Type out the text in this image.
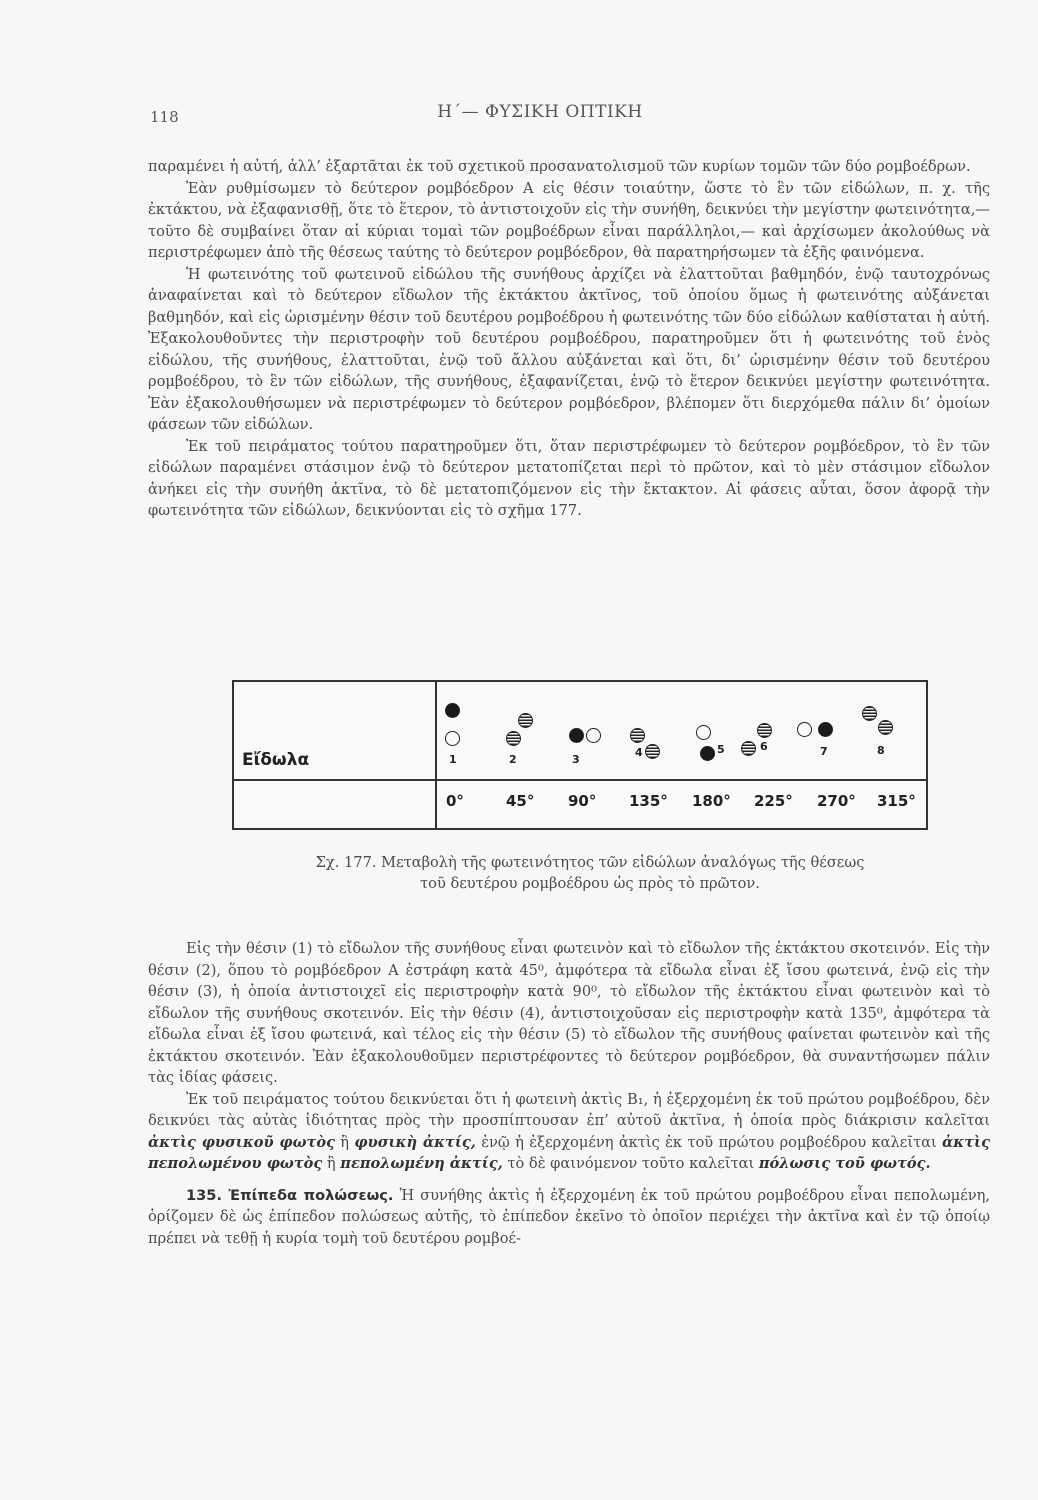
118	Η΄— ΦΥΣΙΚΗ ΟΠΤΙΚΗ

παραμένει ἡ αὐτή, ἀλλ’ ἐξαρτᾶται ἐκ τοῦ σχετικοῦ προσανατολισμοῦ τῶν κυρίων τομῶν τῶν δύο ρομβοέδρων.

Ἐὰν ρυθμίσωμεν τὸ δεύτερον ρομβόεδρον Α εἰς θέσιν τοιαύτην, ὥστε τὸ ἓν τῶν εἰδώλων, π. χ. τῆς ἐκτάκτου, νὰ ἐξαφανισθῇ, ὅτε τὸ ἕτερον, τὸ ἀντιστοιχοῦν εἰς τὴν συνήθη, δεικνύει τὴν μεγίστην φωτεινότητα,— τοῦτο δὲ συμβαίνει ὅταν αἱ κύριαι τομαὶ τῶν ρομβοέδρων εἶναι παράλληλοι,— καὶ ἀρχίσωμεν ἀκολούθως νὰ περιστρέφωμεν ἀπὸ τῆς θέσεως ταύτης τὸ δεύτερον ρομβόεδρον, θὰ παρατηρήσωμεν τὰ ἑξῆς φαινόμενα.

Ἡ φωτεινότης τοῦ φωτεινοῦ εἰδώλου τῆς συνήθους ἀρχίζει νὰ ἐλαττοῦται βαθμηδόν, ἐνῷ ταυτοχρόνως ἀναφαίνεται καὶ τὸ δεύτερον εἴδωλον τῆς ἐκτάκτου ἀκτῖνος, τοῦ ὁποίου ὅμως ἡ φωτεινότης αὐξάνεται βαθμηδόν, καὶ εἰς ὡρισμένην θέσιν τοῦ δευτέρου ρομβοέδρου ἡ φωτεινότης τῶν δύο εἰδώλων καθίσταται ἡ αὐτή. Ἐξακολουθοῦντες τὴν περιστροφὴν τοῦ δευτέρου ρομβοέδρου, παρατηροῦμεν ὅτι ἡ φωτεινότης τοῦ ἑνὸς εἰδώλου, τῆς συνήθους, ἐλαττοῦται, ἐνῷ τοῦ ἄλλου αὐξάνεται καὶ ὅτι, δι’ ὡρισμένην θέσιν τοῦ δευτέρου ρομβοέδρου, τὸ ἓν τῶν εἰδώλων, τῆς συνήθους, ἐξαφανίζεται, ἐνῷ τὸ ἕτερον δεικνύει μεγίστην φωτεινότητα. Ἐὰν ἐξακολουθήσωμεν νὰ περιστρέφωμεν τὸ δεύτερον ρομβόεδρον, βλέπομεν ὅτι διερχόμεθα πάλιν δι’ ὁμοίων φάσεων τῶν εἰδώλων.

Ἐκ τοῦ πειράματος τούτου παρατηροῦμεν ὅτι, ὅταν περιστρέφωμεν τὸ δεύτερον ρομβόεδρον, τὸ ἓν τῶν εἰδώλων παραμένει στάσιμον ἐνῷ τὸ δεύτερον μετατοπίζεται περὶ τὸ πρῶτον, καὶ τὸ μὲν στάσιμον εἴδωλον ἀνήκει εἰς τὴν συνήθη ἀκτῖνα, τὸ δὲ μετατοπιζόμενον εἰς τὴν ἔκτακτον. Αἱ φάσεις αὗται, ὅσον ἀφορᾷ τὴν φωτεινότητα τῶν εἰδώλων, δεικνύονται εἰς τὸ σχῆμα 177.

Εἴδωλα	1	2	3
4	5	6	7	8
0°	45° 90° 135° 180° 225° 270° 315°
Σχ. 177. Μεταβολὴ τῆς φωτεινότητος τῶν εἰδώλων ἀναλόγως τῆς θέσεως
τοῦ δευτέρου ρομβοέδρου ὡς πρὸς τὸ πρῶτον.

Εἰς τὴν θέσιν (1) τὸ εἴδωλον τῆς συνήθους εἶναι φωτεινὸν καὶ τὸ εἴδωλον τῆς ἐκτάκτου σκοτεινόν. Εἰς τὴν θέσιν (2), ὅπου τὸ ρομβόεδρον Α ἐστράφη κατὰ 45⁰, ἀμφότερα τὰ εἴδωλα εἶναι ἐξ ἴσου φωτεινά, ἐνῷ εἰς τὴν θέσιν (3), ἡ ὁποία ἀντιστοιχεῖ εἰς περιστροφὴν κατὰ 90⁰, τὸ εἴδωλον τῆς ἐκτάκτου εἶναι φωτεινὸν καὶ τὸ εἴδωλον τῆς συνήθους σκοτεινόν. Εἰς τὴν θέσιν (4), ἀντιστοιχοῦσαν εἰς περιστροφὴν κατὰ 135⁰, ἀμφότερα τὰ εἴδωλα εἶναι ἐξ ἴσου φωτεινά, καὶ τέλος εἰς τὴν θέσιν (5) τὸ εἴδωλον τῆς συνήθους φαίνεται φωτεινὸν καὶ τῆς ἐκτάκτου σκοτεινόν. Ἐὰν ἐξακολουθοῦμεν περιστρέφοντες τὸ δεύτερον ρομβόεδρον, θὰ συναντήσωμεν πάλιν τὰς ἰδίας φάσεις.

Ἐκ τοῦ πειράματος τούτου δεικνύεται ὅτι ἡ φωτεινὴ ἀκτὶς Β₁, ἡ ἐξερχομένη ἐκ τοῦ πρώτου ρομβοέδρου, δὲν δεικνύει τὰς αὐτὰς ἰδιότητας πρὸς τὴν προσπίπτουσαν ἐπ’ αὐτοῦ ἀκτῖνα, ἡ ὁποία πρὸς διάκρισιν καλεῖται ἀκτὶς φυσικοῦ φωτὸς ἢ φυσικὴ ἀκτίς, ἐνῷ ἡ ἐξερχομένη ἀκτὶς ἐκ τοῦ πρώτου ρομβοέδρου καλεῖται ἀκτὶς πεπολωμένου φωτὸς ἢ πεπολωμένη ἀκτίς, τὸ δὲ φαινόμενον τοῦτο καλεῖται πόλωσις τοῦ φωτός.

135. Ἐπίπεδα πολώσεως. Ἡ συνήθης ἀκτὶς ἡ ἐξερχομένη ἐκ τοῦ πρώτου ρομβοέδρου εἶναι πεπολωμένη, ὁρίζομεν δὲ ὡς ἐπίπεδον πολώσεως αὐτῆς, τὸ ἐπίπεδον ἐκεῖνο τὸ ὁποῖον περιέχει τὴν ἀκτῖνα καὶ ἐν τῷ ὁποίῳ πρέπει νὰ τεθῇ ἡ κυρία τομὴ τοῦ δευτέρου ρομβοέ-
